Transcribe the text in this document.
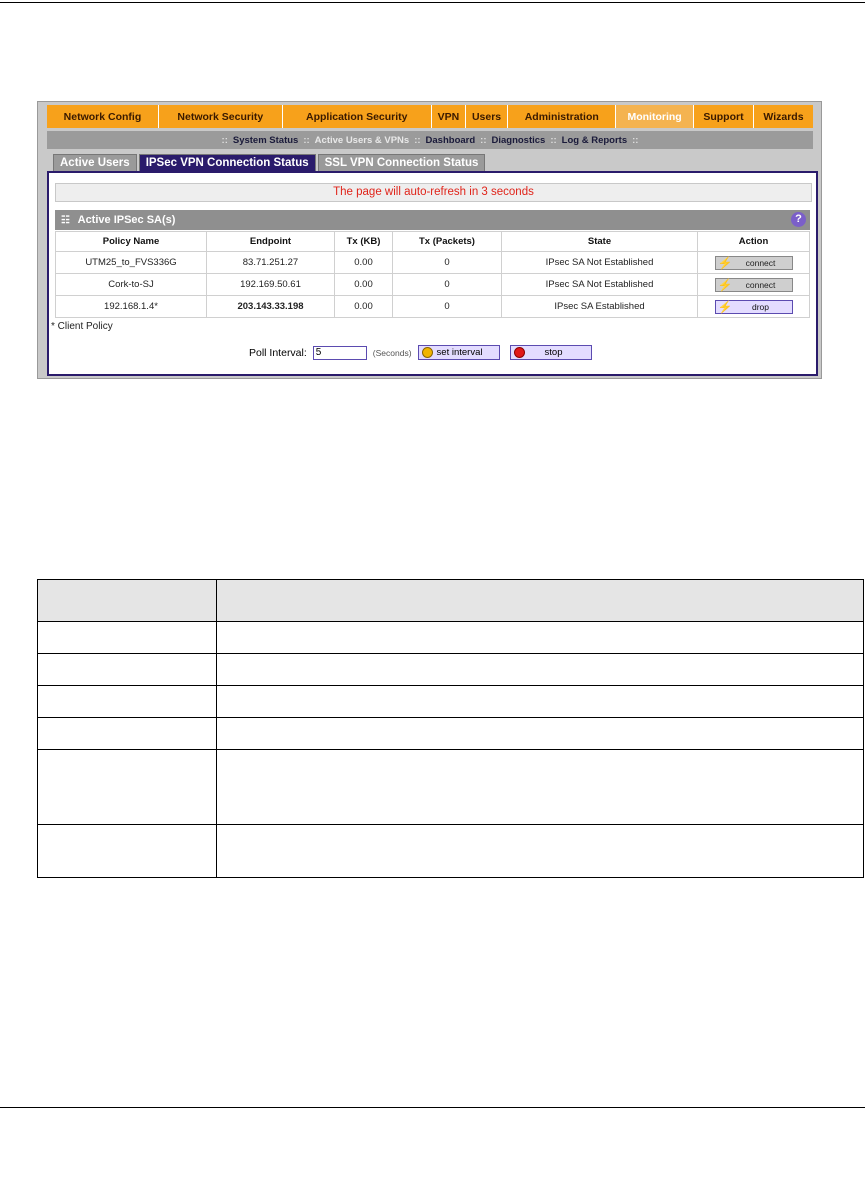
Network Config	Network Security	Application Security	VPN	Users	Administration	Monitoring	Support	Wizards
:: System Status :: Active Users & VPNs :: Dashboard :: Diagnostics :: Log & Reports ::
Active Users	IPSec VPN Connection Status	SSL VPN Connection Status
The page will auto-refresh in 3 seconds
☷ Active IPSec SA(s)	?
Policy Name	Endpoint	Tx (KB)	Tx (Packets)	State	Action
UTM25_to_FVS336G	83.71.251.27	0.00	0	IPsec SA Not Established	⚡ connect

Cork-to-SJ	192.169.50.61	0.00	0	IPsec SA Not Established	⚡ connect

192.168.1.4*	203.143.33.198	0.00	0	IPsec SA Established	⚡ drop
* Client Policy
Poll Interval:
5	(Seconds)	set interval	stop
